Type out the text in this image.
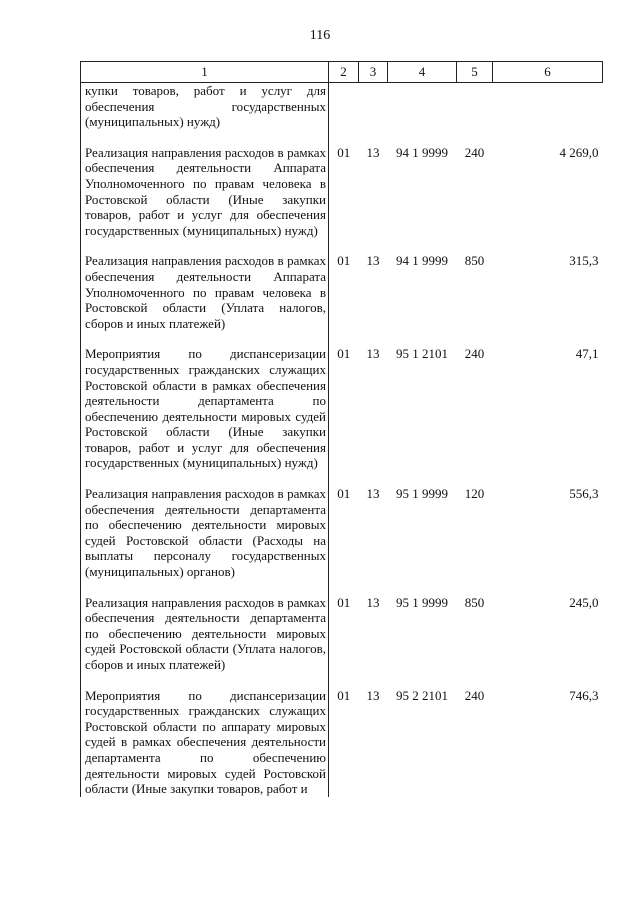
116
1	2	3	4	5	6
купки товаров, работ и услуг для обеспечения государственных (муниципальных) нужд)					
Реализация направления расходов в рамках обеспечения деятельности Аппарата Уполномоченного по правам человека в Ростовской области (Иные закупки товаров, работ и услуг для обеспечения государственных (муниципальных) нужд)	01	13	94 1 9999	240	4 269,0
Реализация направления расходов в рамках обеспечения деятельности Аппарата Уполномоченного по правам человека в Ростовской области (Уплата налогов, сборов и иных платежей)	01	13	94 1 9999	850	315,3
Мероприятия по диспансеризации государственных гражданских служащих Ростовской области в рамках обеспечения деятельности департамента по обеспечению деятельности мировых судей Ростовской области (Иные закупки товаров, работ и услуг для обеспечения государственных (муниципальных) нужд)	01	13	95 1 2101	240	47,1
Реализация направления расходов в рамках обеспечения деятельности департамента по обеспечению деятельности мировых судей Ростовской области (Расходы на выплаты персоналу государственных (муниципальных) органов)	01	13	95 1 9999	120	556,3
Реализация направления расходов в рамках обеспечения деятельности департамента по обеспечению деятельности мировых судей Ростовской области (Уплата налогов, сборов и иных платежей)	01	13	95 1 9999	850	245,0
Мероприятия по диспансеризации государственных гражданских служащих Ростовской области по аппарату мировых судей в рамках обеспечения деятельности департамента по обеспечению деятельности мировых судей Ростовской области (Иные закупки товаров, работ и	01	13	95 2 2101	240	746,3
